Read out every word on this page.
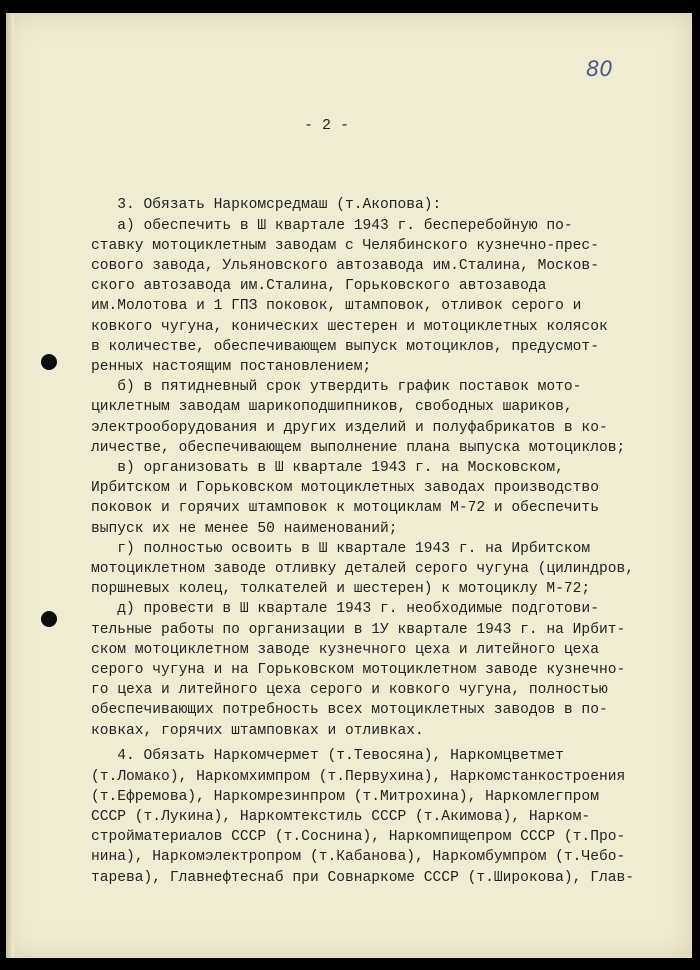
80
- 2 -

3. Обязать Наркомсредмаш (т.Акопова):
а) обеспечить в Ш квартале 1943 г. бесперебойную по-
ставку мотоциклетным заводам с Челябинского кузнечно-прес-
сового завода, Ульяновского автозавода им.Сталина, Москов-
ского автозавода им.Сталина, Горьковского автозавода
им.Молотова и 1 ГПЗ поковок, штамповок, отливок серого и
ковкого чугуна, конических шестерен и мотоциклетных колясок
в количестве, обеспечивающем выпуск мотоциклов, предусмот-
ренных настоящим постановлением;
б) в пятидневный срок утвердить график поставок мото-
циклетным заводам шарикоподшипников, свободных шариков,
электрооборудования и других изделий и полуфабрикатов в ко-
личестве, обеспечивающем выполнение плана выпуска мотоциклов;
в) организовать в Ш квартале 1943 г. на Московском,
Ирбитском и Горьковском мотоциклетных заводах производство
поковок и горячих штамповок к мотоциклам М-72 и обеспечить
выпуск их не менее 50 наименований;
г) полностью освоить в Ш квартале 1943 г. на Ирбитском
мотоциклетном заводе отливку деталей серого чугуна (цилиндров,
поршневых колец, толкателей и шестерен) к мотоциклу М-72;
д) провести в Ш квартале 1943 г. необходимые подготови-
тельные работы по организации в 1У квартале 1943 г. на Ирбит-
ском мотоциклетном заводе кузнечного цеха и литейного цеха
серого чугуна и на Горьковском мотоциклетном заводе кузнечно-
го цеха и литейного цеха серого и ковкого чугуна, полностью
обеспечивающих потребность всех мотоциклетных заводов в по-
ковках, горячих штамповках и отливках.

4. Обязать Наркомчермет (т.Тевосяна), Наркомцветмет
(т.Ломако), Наркомхимпром (т.Первухина), Наркомстанкостроения
(т.Ефремова), Наркомрезинпром (т.Митрохина), Наркомлегпром
СССР (т.Лукина), Наркомтекстиль СССР (т.Акимова), Нарком-
стройматериалов СССР (т.Соснина), Наркомпищепром СССР (т.Про-
нина), Наркомэлектропром (т.Кабанова), Наркомбумпром (т.Чебо-
тарева), Главнефтеснаб при Совнаркоме СССР (т.Широкова), Глав-
